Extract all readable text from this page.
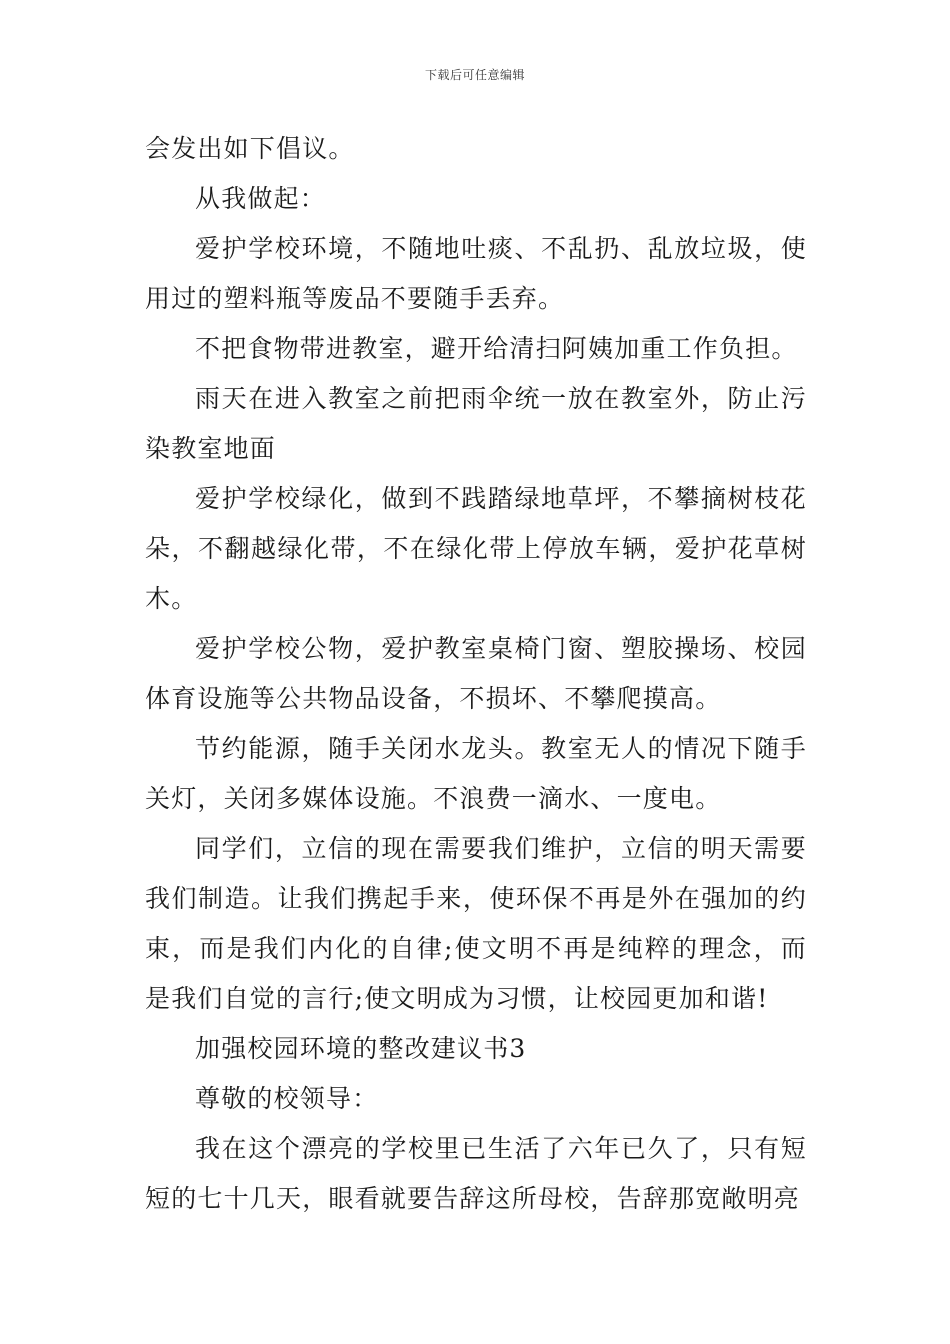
下载后可任意编辑

会发出如下倡议。

从我做起：

爱护学校环境，不随地吐痰、不乱扔、乱放垃圾，使用过的塑料瓶等废品不要随手丢弃。

不把食物带进教室，避开给清扫阿姨加重工作负担。

雨天在进入教室之前把雨伞统一放在教室外，防止污染教室地面

爱护学校绿化，做到不践踏绿地草坪，不攀摘树枝花朵，不翻越绿化带，不在绿化带上停放车辆，爱护花草树木。

爱护学校公物，爱护教室桌椅门窗、塑胶操场、校园体育设施等公共物品设备，不损坏、不攀爬摸高。

节约能源，随手关闭水龙头。教室无人的情况下随手关灯，关闭多媒体设施。不浪费一滴水、一度电。

同学们，立信的现在需要我们维护，立信的明天需要我们制造。让我们携起手来，使环保不再是外在强加的约束，而是我们内化的自律;使文明不再是纯粹的理念，而是我们自觉的言行;使文明成为习惯，让校园更加和谐!

加强校园环境的整改建议书3

尊敬的校领导：

我在这个漂亮的学校里已生活了六年已久了，只有短短的七十几天，眼看就要告辞这所母校，告辞那宽敞明亮
